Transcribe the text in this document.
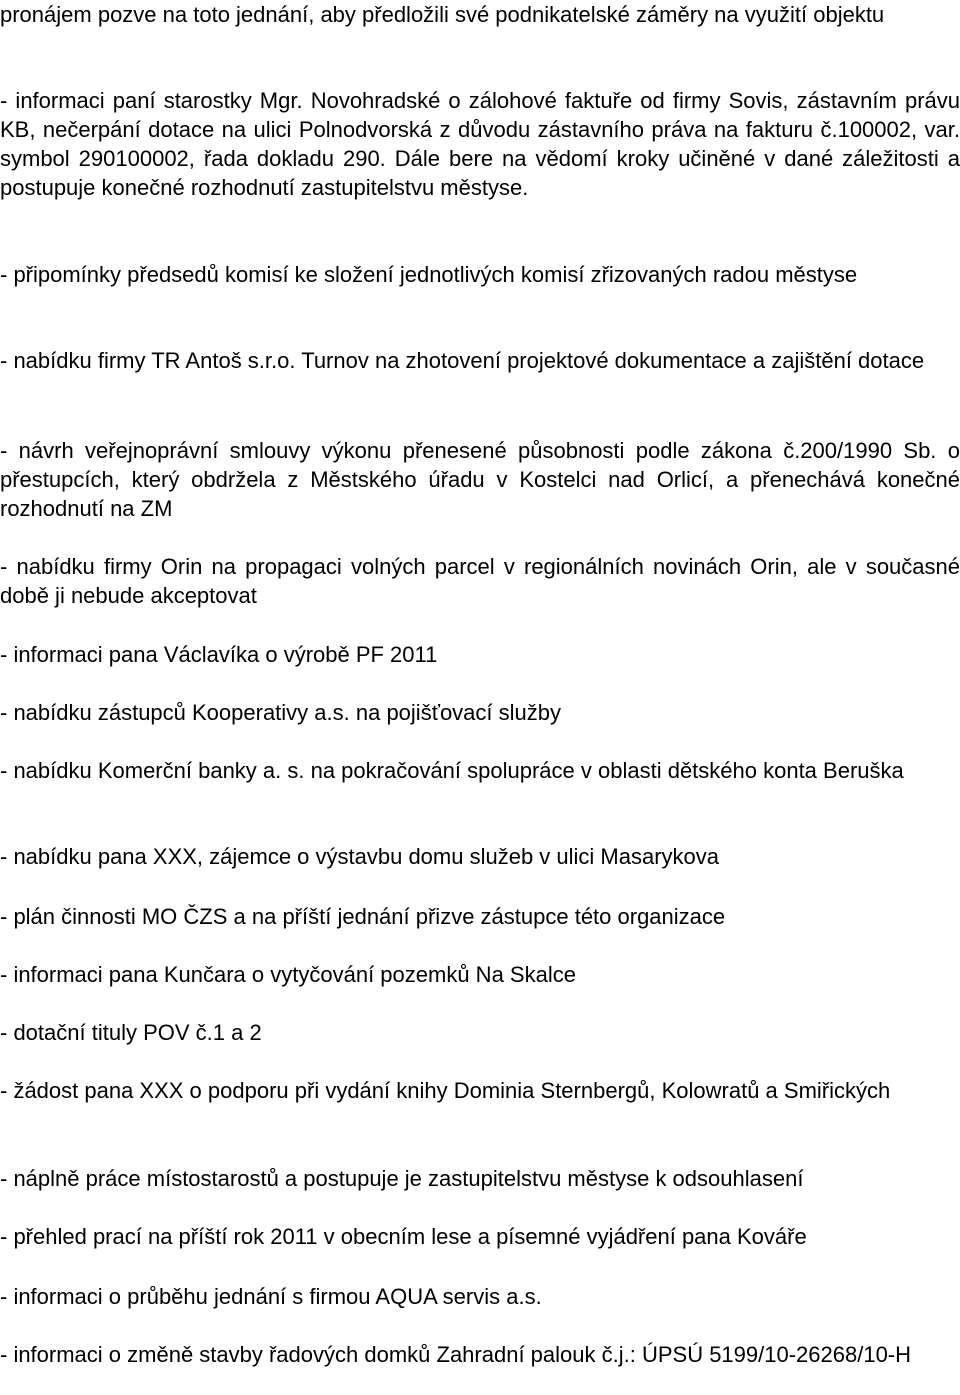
pronájem pozve na toto jednání, aby předložili své podnikatelské záměry na využití objektu

- informaci paní starostky Mgr. Novohradské o zálohové faktuře od firmy Sovis, zástavním právu KB, nečerpání dotace na ulici Polnodvorská z důvodu zástavního práva na fakturu č.100002, var. symbol 290100002, řada dokladu 290. Dále bere na vědomí kroky učiněné v dané záležitosti a postupuje konečné rozhodnutí zastupitelstvu městyse.

- připomínky předsedů komisí ke složení jednotlivých komisí zřizovaných radou městyse

- nabídku firmy TR Antoš s.r.o. Turnov na zhotovení projektové dokumentace a zajištění dotace

- návrh veřejnoprávní smlouvy výkonu přenesené působnosti podle zákona č.200/1990 Sb. o přestupcích, který obdržela z Městského úřadu v Kostelci nad Orlicí, a přenechává konečné rozhodnutí na ZM

- nabídku firmy Orin na propagaci volných parcel v regionálních novinách Orin, ale v současné době ji nebude akceptovat

- informaci pana Václavíka o výrobě PF 2011

- nabídku zástupců Kooperativy a.s. na pojišťovací služby

- nabídku Komerční banky a. s. na pokračování spolupráce v oblasti dětského konta Beruška

- nabídku pana XXX, zájemce o výstavbu domu služeb v ulici Masarykova

- plán činnosti MO ČZS a na příští jednání přizve zástupce této organizace

- informaci pana Kunčara o vytyčování pozemků Na Skalce

- dotační tituly POV č.1 a 2

- žádost pana XXX o podporu při vydání knihy Dominia Sternbergů, Kolowratů a Smiřických

- náplně práce místostarostů a postupuje je zastupitelstvu městyse k odsouhlasení

- přehled prací na příští rok 2011 v obecním lese a písemné vyjádření pana Kováře

- informaci o průběhu jednání s firmou AQUA servis a.s.

- informaci o změně stavby řadových domků Zahradní palouk č.j.: ÚPSÚ 5199/10-26268/10-H
